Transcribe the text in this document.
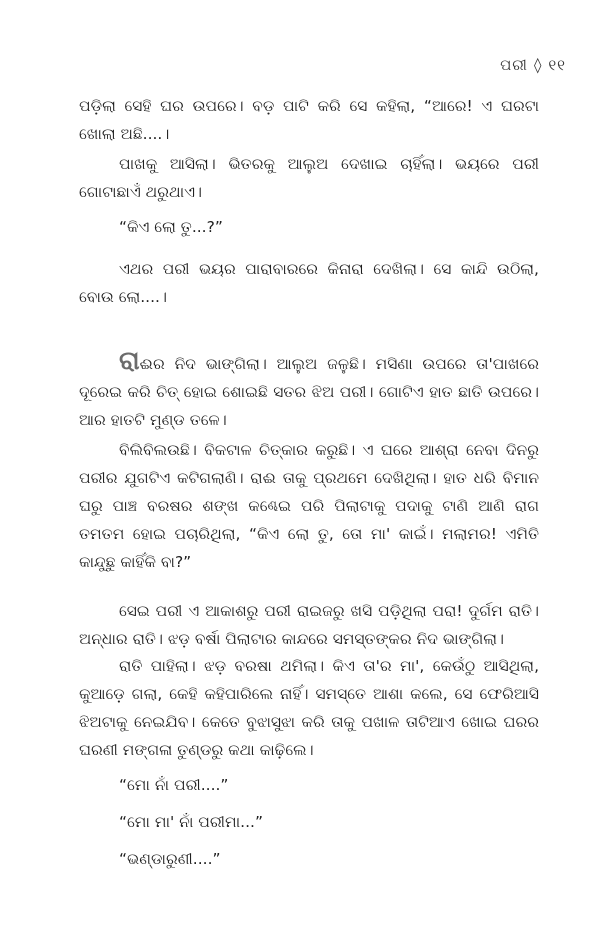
ପରୀ ◊ ୧୧

ପଡ଼ିଲା ସେହି ଘର ଉପରେ। ବଡ଼ ପାଟି କରି ସେ କହିଲା, “ଆରେ! ଏ ଘରଟା ଖୋଲା ଅଛି....।

ପାଖକୁ ଆସିଲା। ଭିତରକୁ ଆଲୁଅ ଦେଖାଇ ଚାହିଁଲା। ଭୟରେ ପରୀ ଗୋଟାଛାଏଁ ଥରୁଥାଏ।

“କିଏ ଲୋ ତୁ...?”

ଏଥର ପରୀ ଭୟର ପାରାବାରରେ କିନାରା ଦେଖିଲା। ସେ କାନ୍ଦି ଉଠିଲା, ବୋଉ ଲୋ....।

ରାଈର ନିଦ ଭାଙ୍ଗିଲା। ଆଲୁଅ ଜଳୁଛି। ମସିଣା ଉପରେ ତା'ପାଖରେ ଦୂରେଇ କରି ଚିତ୍ ହୋଇ ଶୋଇଛି ସତର ଝିଅ ପରୀ। ଗୋଟିଏ ହାତ ଛାତି ଉପରେ। ଆର ହାତଟି ମୁଣ୍ଡ ତଳେ।

ବିଲିବିଲଉଛି। ବିକଟାଳ ଚିତ୍କାର କରୁଛି। ଏ ଘରେ ଆଶ୍ରା ନେବା ଦିନରୁ ପରୀର ଯୁଗଟିଏ କଟିଗଲାଣି। ରାଈ ତାକୁ ପ୍ରଥମେ ଦେଖିଥିଲା। ହାତ ଧରି ବିମାନ ଘରୁ ପାଞ୍ଚ ବରଷର ଶଙ୍ଖ କଣ୍ଢେଇ ପରି ପିଲାଟାକୁ ପଦାକୁ ଟାଣି ଆଣି ରାଗ ତମତମ ହୋଇ ପଚାରିଥିଲା, “କିଏ ଲୋ ତୁ, ତୋ ମା' କାଇଁ। ମଲାମର! ଏମିତି କାନ୍ଦୁଛୁ କାହିଁକି ବା?”

ସେଇ ପରୀ ଏ ଆକାଶରୁ ପରୀ ରାଇଜରୁ ଖସି ପଡ଼ିଥିଲା ପରା! ଦୁର୍ଗମ ରାତି। ଅନ୍ଧାର ରାତି। ଝଡ଼ ବର୍ଷା ପିଲାଟାର କାନ୍ଦରେ ସମସ୍ତଙ୍କର ନିଦ ଭାଙ୍ଗିଲା।

ରାତି ପାହିଲା। ଝଡ଼ ବରଷା ଥମିଲା। କିଏ ତା'ର ମା', କେଉଁଠୁ ଆସିଥିଲା, କୁଆଡ଼େ ଗଲା, କେହି କହିପାରିଲେ ନାହିଁ। ସମସ୍ତେ ଆଶା କଲେ, ସେ ଫେରିଆସି ଝିଅଟାକୁ ନେଇଯିବ। କେତେ ବୁଝାସୁଝା କରି ତାକୁ ପଖାଳ ତାଟିଆଏ ଖୋଇ ଘରର ଘରଣୀ ମଙ୍ଗଳା ତୁଣ୍ଡରୁ କଥା କାଢ଼ିଲେ।

“ମୋ ନାଁ ପରୀ....”

“ମୋ ମା' ନାଁ ପରୀମା...”

“ଭଣ୍ଡାରୁଣୀ....”
